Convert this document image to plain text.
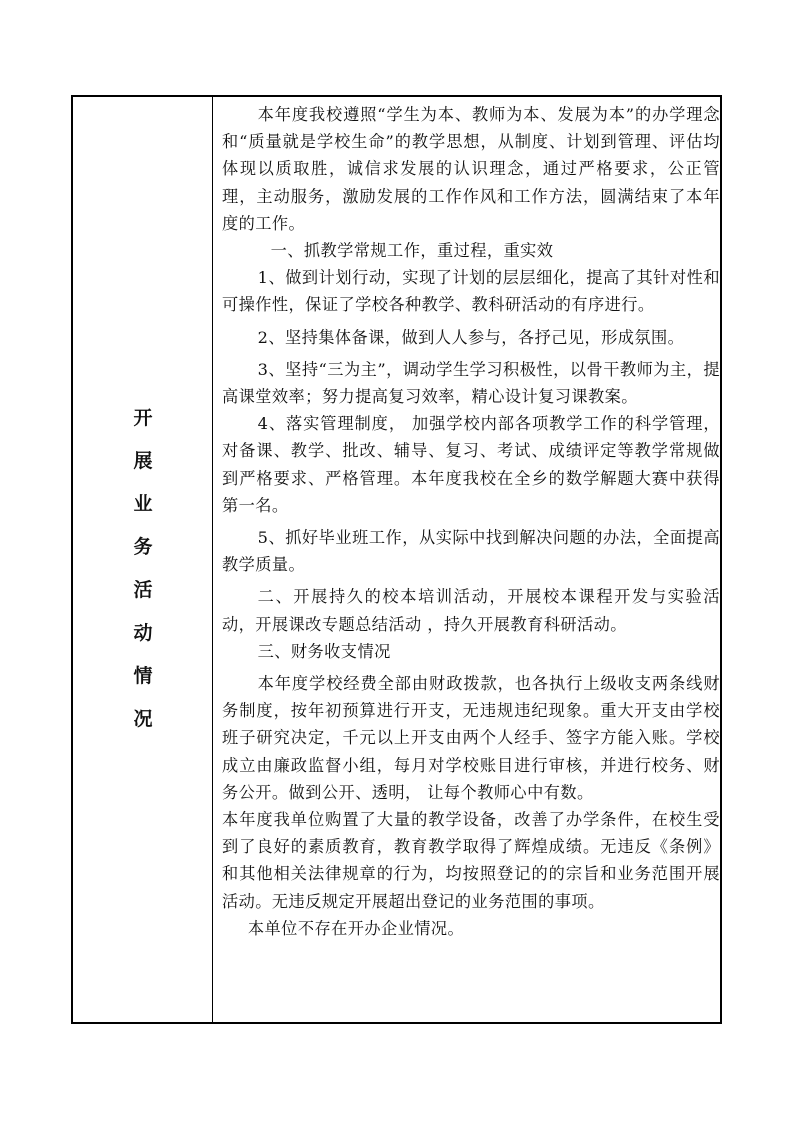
开
展
业
务
活
动
情
况

本年度我校遵照“学生为本、教师为本、发展为本”的办学理念和“质量就是学校生命”的教学思想，从制度、计划到管理、评估均体现以质取胜，诚信求发展的认识理念，通过严格要求，公正管理，主动服务，激励发展的工作作风和工作方法，圆满结束了本年度的工作。

一、抓教学常规工作，重过程，重实效

1、做到计划行动，实现了计划的层层细化，提高了其针对性和可操作性，保证了学校各种教学、教科研活动的有序进行。

2、坚持集体备课，做到人人参与，各抒己见，形成氛围。

3、坚持“三为主”，调动学生学习积极性，以骨干教师为主，提高课堂效率；努力提高复习效率，精心设计复习课教案。

4、落实管理制度， 加强学校内部各项教学工作的科学管理，对备课、教学、批改、辅导、复习、考试、成绩评定等教学常规做到严格要求、严格管理。本年度我校在全乡的数学解题大赛中获得第一名。

5、抓好毕业班工作，从实际中找到解决问题的办法，全面提高教学质量。

二、开展持久的校本培训活动，开展校本课程开发与实验活动，开展课改专题总结活动 ，持久开展教育科研活动。

三、财务收支情况

本年度学校经费全部由财政拨款，也各执行上级收支两条线财务制度，按年初预算进行开支，无违规违纪现象。重大开支由学校班子研究决定，千元以上开支由两个人经手、签字方能入账。学校成立由廉政监督小组，每月对学校账目进行审核，并进行校务、财务公开。做到公开、透明， 让每个教师心中有数。

本年度我单位购置了大量的教学设备，改善了办学条件，在校生受到了良好的素质教育，教育教学取得了辉煌成绩。无违反《条例》和其他相关法律规章的行为，均按照登记的的宗旨和业务范围开展活动。无违反规定开展超出登记的业务范围的事项。

本单位不存在开办企业情况。
